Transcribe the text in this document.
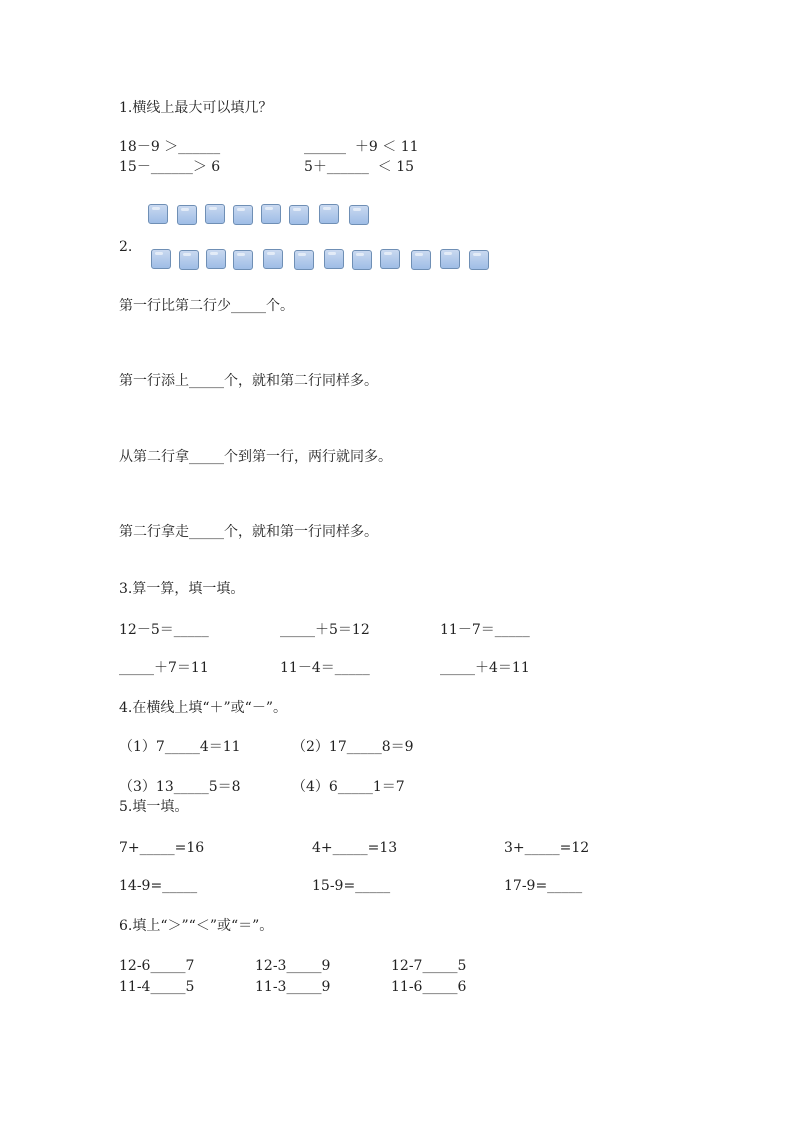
1.横线上最大可以填几？
18－9 ＞______	______  ＋9 ＜ 11
15－______＞ 6	5＋______  ＜ 15
2.
第一行比第二行少_____个。
第一行添上_____个，就和第二行同样多。
从第二行拿_____个到第一行，两行就同多。
第二行拿走_____个，就和第一行同样多。
3.算一算，填一填。
12－5＝_____	_____＋5＝12	11－7＝_____
_____＋7＝11	11－4＝_____	_____＋4＝11
4.在横线上填“＋”或“－”。
（1）7_____4＝11	（2）17_____8＝9
（3）13_____5＝8	（4）6_____1＝7
5.填一填。
7+_____=16	4+_____=13	3+_____=12
14-9=_____	15-9=_____	17-9=_____
6.填上“＞”“＜”或“＝”。
12-6_____7	12-3_____9	12-7_____5
11-4_____5	11-3_____9	11-6_____6
